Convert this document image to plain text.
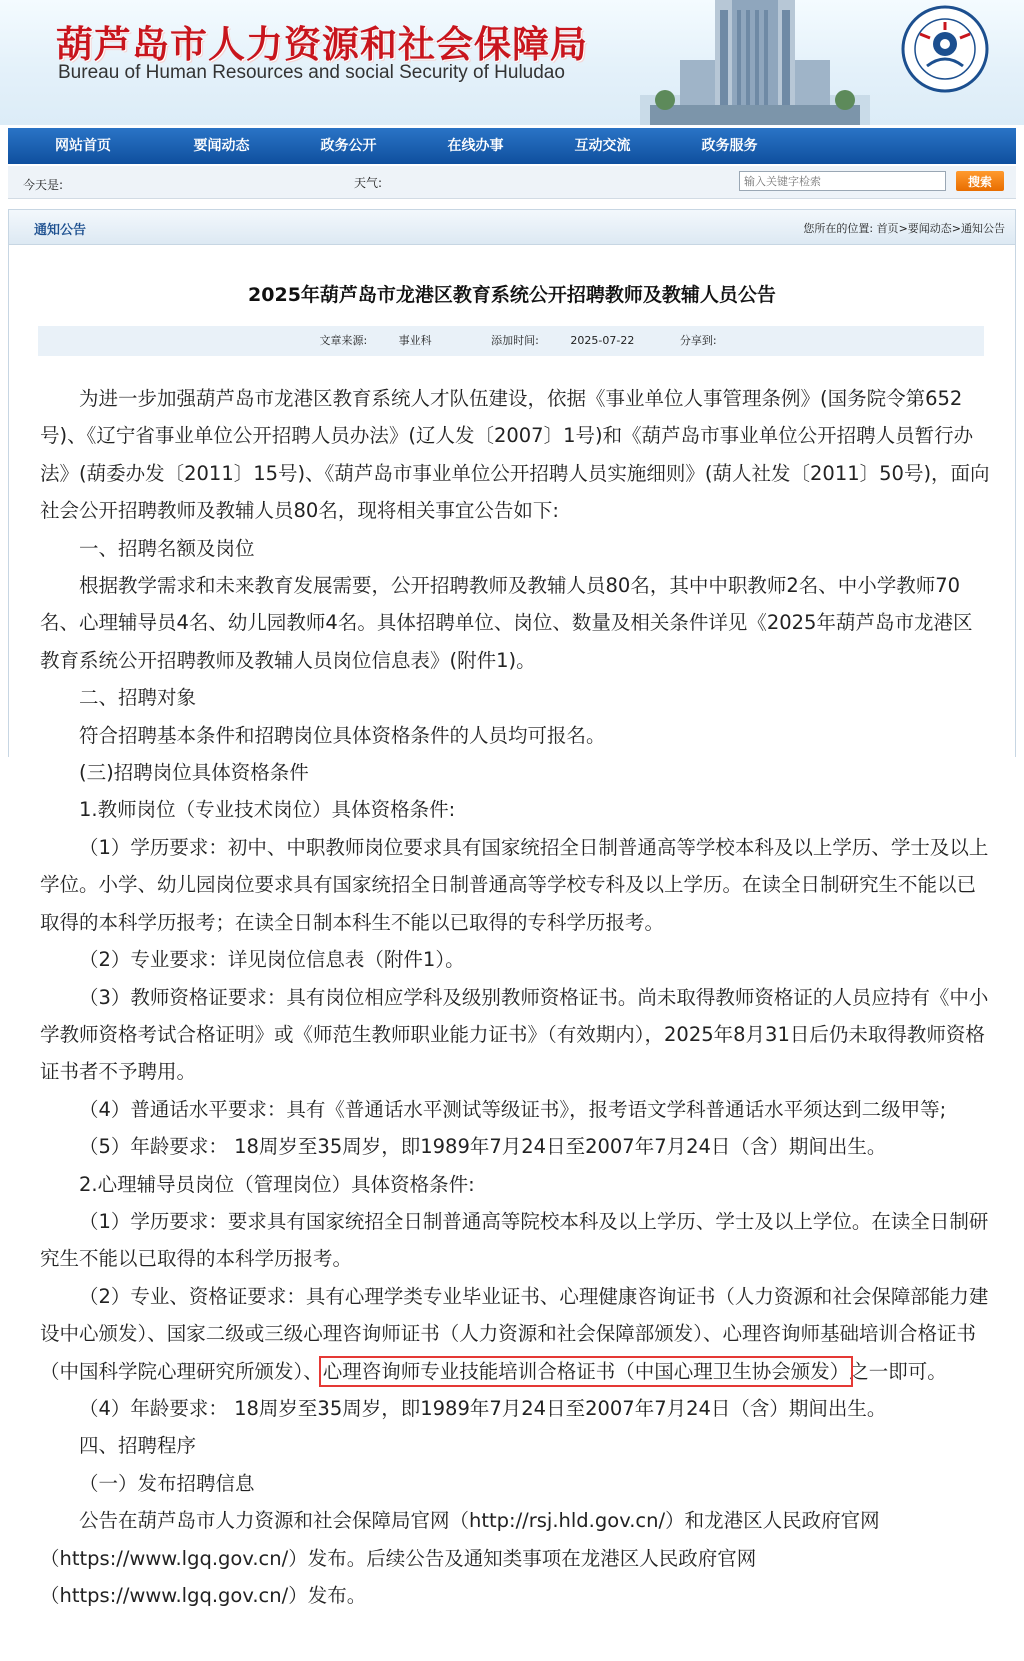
葫芦岛市人力资源和社会保障局
Bureau of Human Resources and social Security of Huludao
网站首页	要闻动态	政务公开	在线办事	互动交流	政务服务
今天是:	天气:
输入关键字检索	搜索
通知公告	您所在的位置: 首页>要闻动态>通知公告
2025年葫芦岛市龙港区教育系统公开招聘教师及教辅人员公告
文章来源:	事业科	添加时间:	2025-07-22	分享到:

为进一步加强葫芦岛市龙港区教育系统人才队伍建设，依据《事业单位人事管理条例》(国务院令第652号)、《辽宁省事业单位公开招聘人员办法》(辽人发〔2007〕1号)和《葫芦岛市事业单位公开招聘人员暂行办法》(葫委办发〔2011〕15号)、《葫芦岛市事业单位公开招聘人员实施细则》(葫人社发〔2011〕50号)，面向社会公开招聘教师及教辅人员80名，现将相关事宜公告如下:

一、招聘名额及岗位

根据教学需求和未来教育发展需要，公开招聘教师及教辅人员80名，其中中职教师2名、中小学教师70名、心理辅导员4名、幼儿园教师4名。具体招聘单位、岗位、数量及相关条件详见《2025年葫芦岛市龙港区教育系统公开招聘教师及教辅人员岗位信息表》(附件1)。

二、招聘对象

符合招聘基本条件和招聘岗位具体资格条件的人员均可报名。

(三)招聘岗位具体资格条件

1.教师岗位（专业技术岗位）具体资格条件:

（1）学历要求：初中、中职教师岗位要求具有国家统招全日制普通高等学校本科及以上学历、学士及以上学位。小学、幼儿园岗位要求具有国家统招全日制普通高等学校专科及以上学历。在读全日制研究生不能以已取得的本科学历报考；在读全日制本科生不能以已取得的专科学历报考。

（2）专业要求：详见岗位信息表（附件1）。

（3）教师资格证要求：具有岗位相应学科及级别教师资格证书。尚未取得教师资格证的人员应持有《中小学教师资格考试合格证明》或《师范生教师职业能力证书》（有效期内），2025年8月31日后仍未取得教师资格证书者不予聘用。

（4）普通话水平要求：具有《普通话水平测试等级证书》，报考语文学科普通话水平须达到二级甲等;

（5）年龄要求： 18周岁至35周岁，即1989年7月24日至2007年7月24日（含）期间出生。

2.心理辅导员岗位（管理岗位）具体资格条件:

（1）学历要求：要求具有国家统招全日制普通高等院校本科及以上学历、学士及以上学位。在读全日制研究生不能以已取得的本科学历报考。

（2）专业、资格证要求：具有心理学类专业毕业证书、心理健康咨询证书（人力资源和社会保障部能力建设中心颁发）、国家二级或三级心理咨询师证书（人力资源和社会保障部颁发）、心理咨询师基础培训合格证书（中国科学院心理研究所颁发）、心理咨询师专业技能培训合格证书（中国心理卫生协会颁发）之一即可。

（4）年龄要求： 18周岁至35周岁，即1989年7月24日至2007年7月24日（含）期间出生。

四、招聘程序

（一）发布招聘信息

公告在葫芦岛市人力资源和社会保障局官网（http://rsj.hld.gov.cn/）和龙港区人民政府官网（https://www.lgq.gov.cn/）发布。后续公告及通知类事项在龙港区人民政府官网（https://www.lgq.gov.cn/）发布。
